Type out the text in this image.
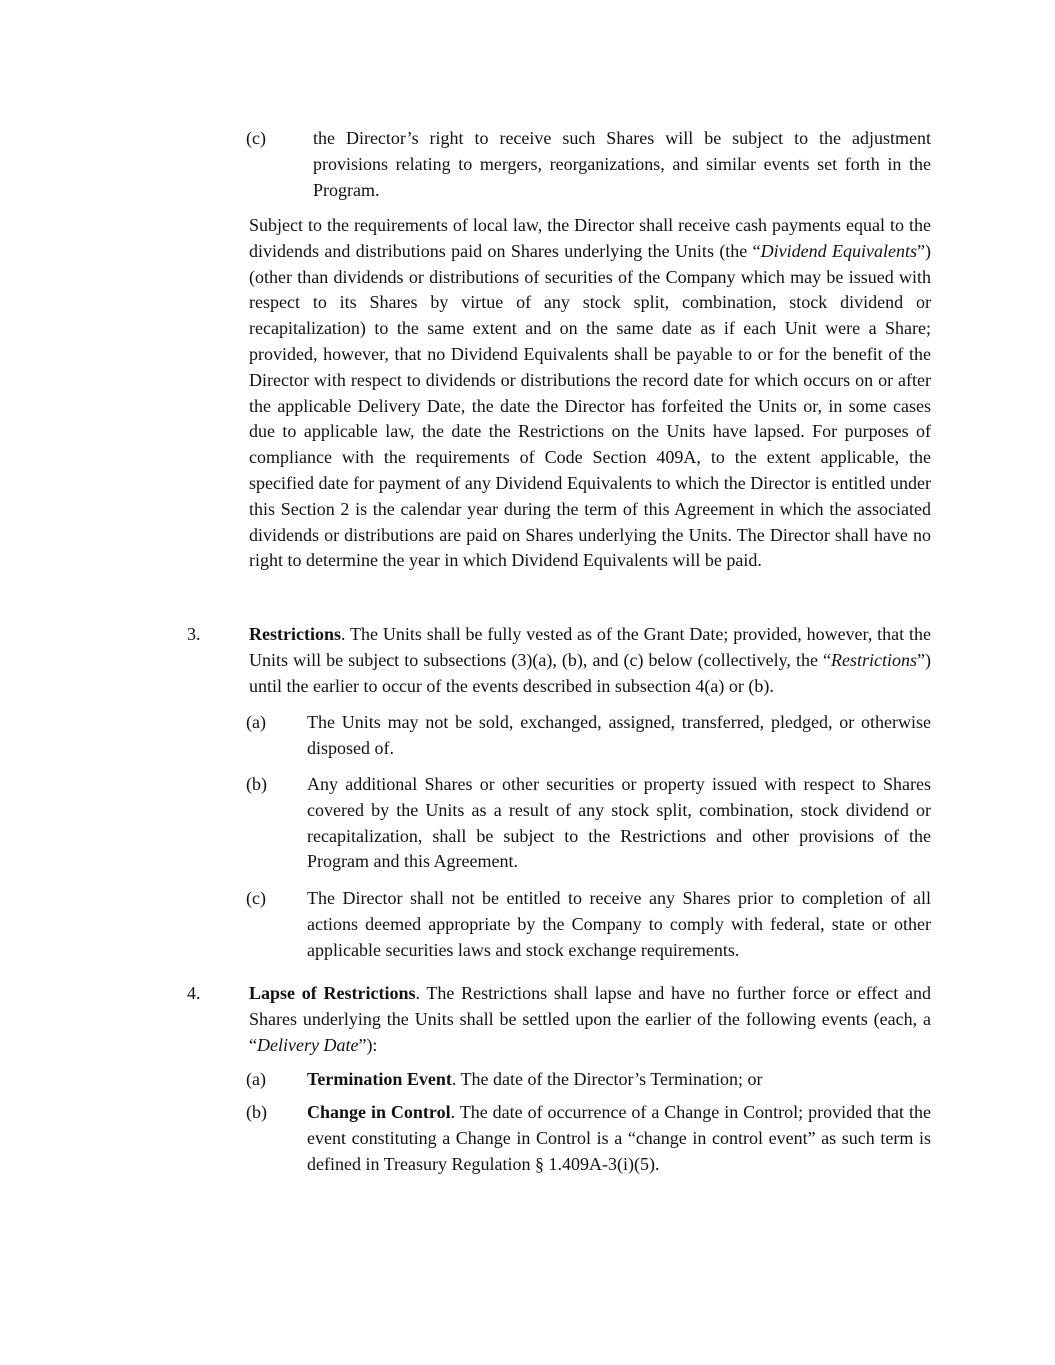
(c)	the Director’s right to receive such Shares will be subject to the adjustment provisions relating to mergers, reorganizations, and similar events set forth in the Program.
Subject to the requirements of local law, the Director shall receive cash payments equal to the dividends and distributions paid on Shares underlying the Units (the “Dividend Equivalents”) (other than dividends or distributions of securities of the Company which may be issued with respect to its Shares by virtue of any stock split, combination, stock dividend or recapitalization) to the same extent and on the same date as if each Unit were a Share; provided, however, that no Dividend Equivalents shall be payable to or for the benefit of the Director with respect to dividends or distributions the record date for which occurs on or after the applicable Delivery Date, the date the Director has forfeited the Units or, in some cases due to applicable law, the date the Restrictions on the Units have lapsed. For purposes of compliance with the requirements of Code Section 409A, to the extent applicable, the specified date for payment of any Dividend Equivalents to which the Director is entitled under this Section 2 is the calendar year during the term of this Agreement in which the associated dividends or distributions are paid on Shares underlying the Units. The Director shall have no right to determine the year in which Dividend Equivalents will be paid.
3.	Restrictions. The Units shall be fully vested as of the Grant Date; provided, however, that the Units will be subject to subsections (3)(a), (b), and (c) below (collectively, the “Restrictions”) until the earlier to occur of the events described in subsection 4(a) or (b).
(a) The Units may not be sold, exchanged, assigned, transferred, pledged, or otherwise disposed of.
(b) Any additional Shares or other securities or property issued with respect to Shares covered by the Units as a result of any stock split, combination, stock dividend or recapitalization, shall be subject to the Restrictions and other provisions of the Program and this Agreement.
(c) The Director shall not be entitled to receive any Shares prior to completion of all actions deemed appropriate by the Company to comply with federal, state or other applicable securities laws and stock exchange requirements.
4.	Lapse of Restrictions. The Restrictions shall lapse and have no further force or effect and Shares underlying the Units shall be settled upon the earlier of the following events (each, a “Delivery Date”):
(a) Termination Event. The date of the Director’s Termination; or
(b) Change in Control. The date of occurrence of a Change in Control; provided that the event constituting a Change in Control is a “change in control event” as such term is defined in Treasury Regulation § 1.409A-3(i)(5).
